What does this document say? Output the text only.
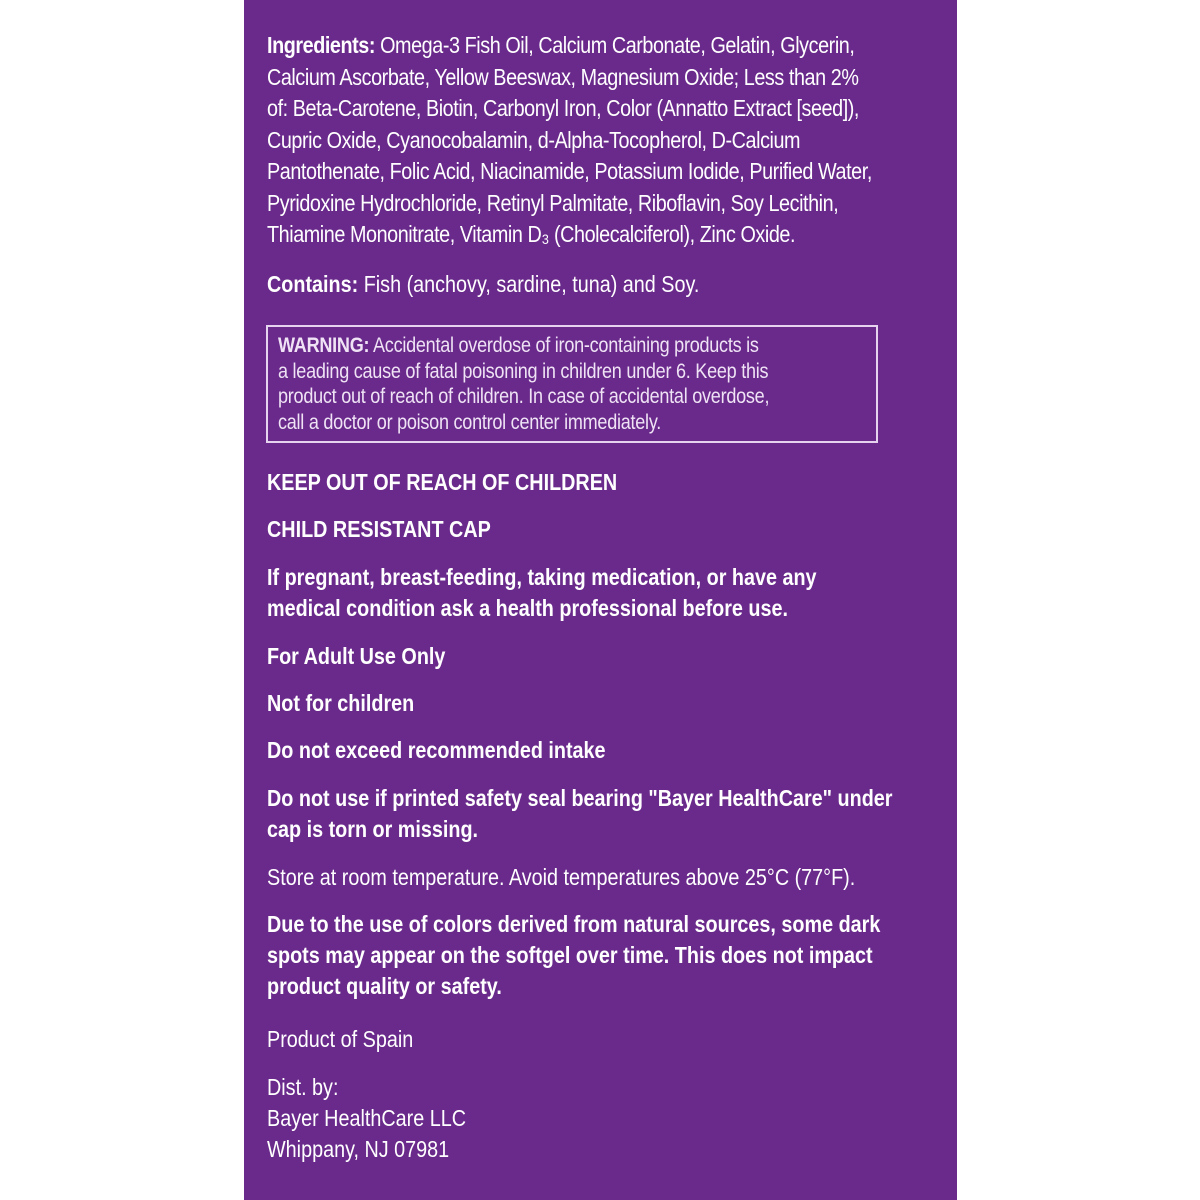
Ingredients: Omega-3 Fish Oil, Calcium Carbonate, Gelatin, Glycerin,
Calcium Ascorbate, Yellow Beeswax, Magnesium Oxide; Less than 2%
of: Beta-Carotene, Biotin, Carbonyl Iron, Color (Annatto Extract [seed]),
Cupric Oxide, Cyanocobalamin, d-Alpha-Tocopherol, D-Calcium
Pantothenate, Folic Acid, Niacinamide, Potassium Iodide, Purified Water,
Pyridoxine Hydrochloride, Retinyl Palmitate, Riboflavin, Soy Lecithin,
Thiamine Mononitrate, Vitamin D₃ (Cholecalciferol), Zinc Oxide.
Contains: Fish (anchovy, sardine, tuna) and Soy.
WARNING: Accidental overdose of iron-containing products is
a leading cause of fatal poisoning in children under 6. Keep this
product out of reach of children. In case of accidental overdose,
call a doctor or poison control center immediately.
KEEP OUT OF REACH OF CHILDREN
CHILD RESISTANT CAP
If pregnant, breast-feeding, taking medication, or have any
medical condition ask a health professional before use.
For Adult Use Only
Not for children
Do not exceed recommended intake
Do not use if printed safety seal bearing "Bayer HealthCare" under
cap is torn or missing.
Store at room temperature. Avoid temperatures above 25°C (77°F).
Due to the use of colors derived from natural sources, some dark
spots may appear on the softgel over time. This does not impact
product quality or safety.
Product of Spain
Dist. by:
Bayer HealthCare LLC
Whippany, NJ 07981
